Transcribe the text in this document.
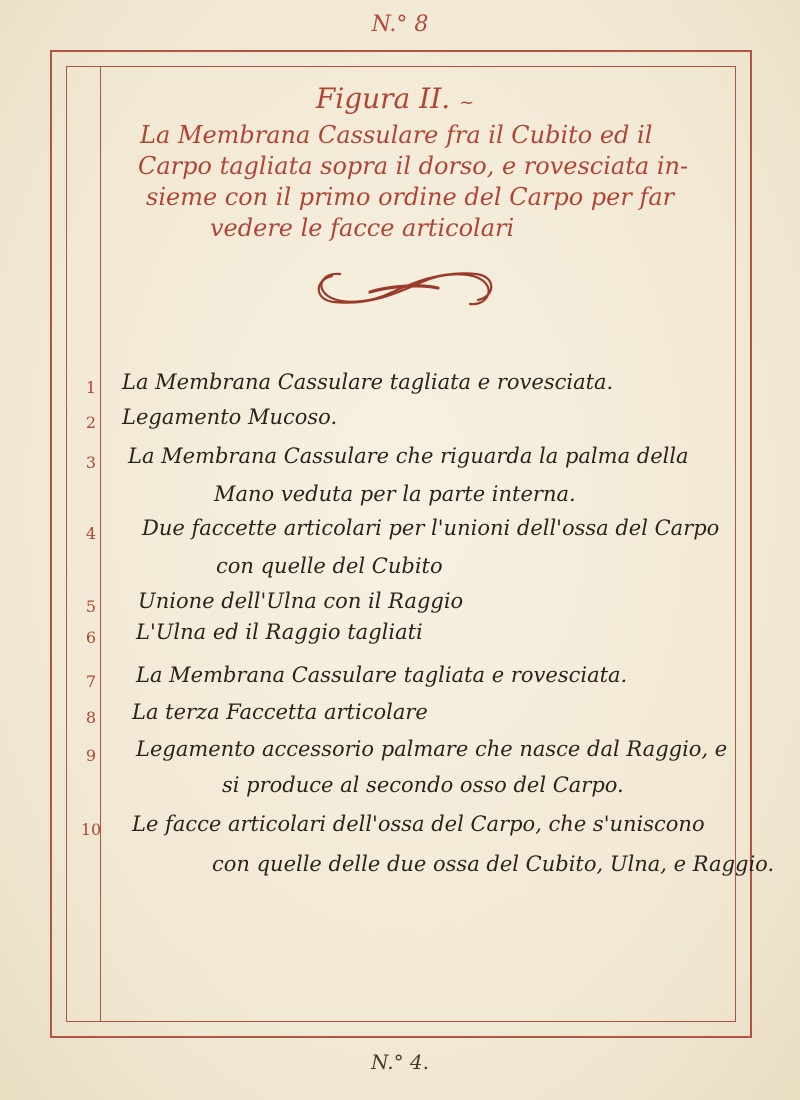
N.° 8
Figura II. ~
La Membrana Cassulare fra il Cubito ed il
Carpo tagliata sopra il dorso, e rovesciata in-
sieme con il primo ordine del Carpo per far
vedere le facce articolari
1	La Membrana Cassulare tagliata e rovesciata.
2	Legamento Mucoso.
3	La Membrana Cassulare che riguarda la palma della
Mano veduta per la parte interna.
4	Due faccette articolari per l'unioni dell'ossa del Carpo
con quelle del Cubito
5	Unione dell'Ulna con il Raggio
6	L'Ulna ed il Raggio tagliati
7	La Membrana Cassulare tagliata e rovesciata.
8	La terza Faccetta articolare
9	Legamento accessorio palmare che nasce dal Raggio, e
si produce al secondo osso del Carpo.
10 Le facce articolari dell'ossa del Carpo, che s'uniscono
con quelle delle due ossa del Cubito, Ulna, e Raggio.
N.° 4.
